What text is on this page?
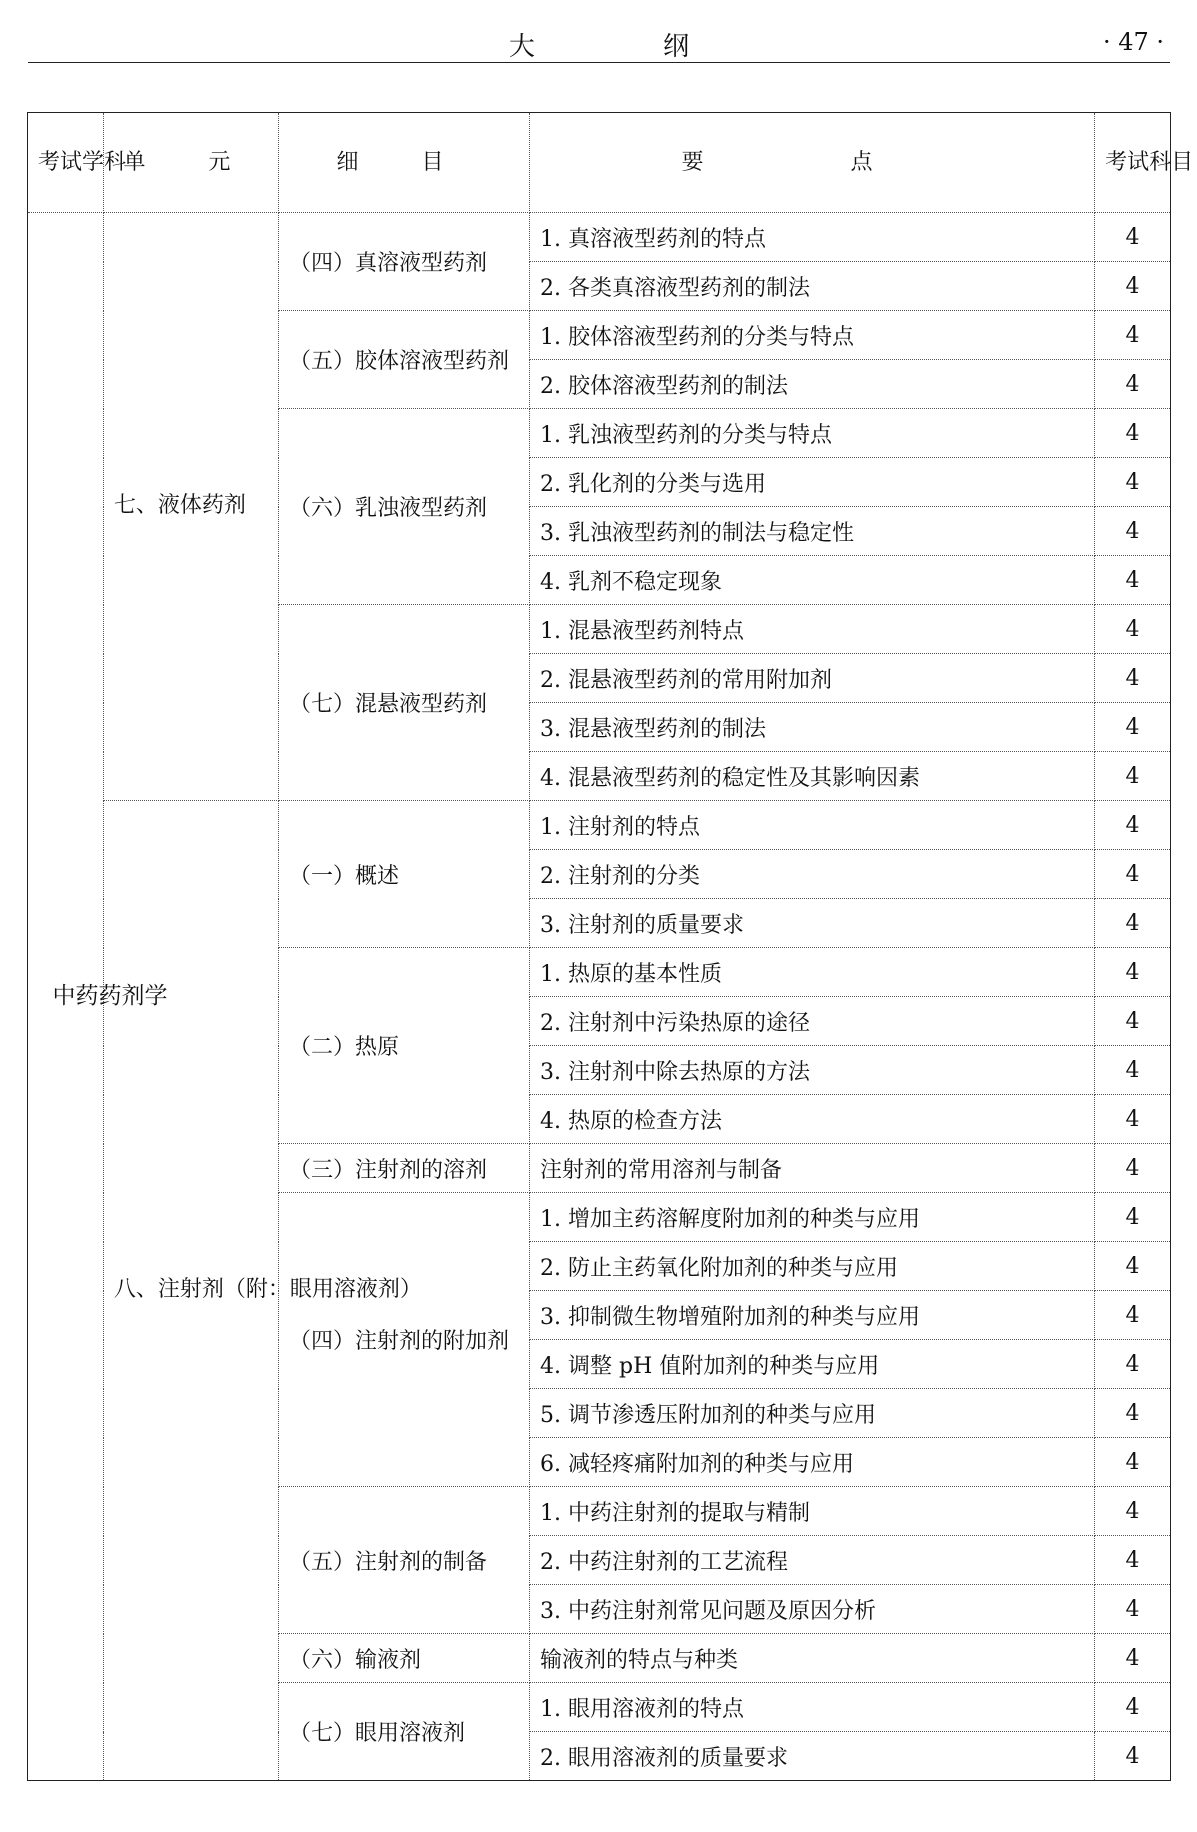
大 纲	· 47 ·
考试学科	单 元	细 目	要 点	考试科目
中药药剂学	七、液体药剂	（四）真溶液型药剂	1. 真溶液型药剂的特点	4
			2. 各类真溶液型药剂的制法	4
		（五）胶体溶液型药剂	1. 胶体溶液型药剂的分类与特点	4
			2. 胶体溶液型药剂的制法	4
		（六）乳浊液型药剂	1. 乳浊液型药剂的分类与特点	4
			2. 乳化剂的分类与选用	4
			3. 乳浊液型药剂的制法与稳定性	4
			4. 乳剂不稳定现象	4
		（七）混悬液型药剂	1. 混悬液型药剂特点	4
			2. 混悬液型药剂的常用附加剂	4
			3. 混悬液型药剂的制法	4
			4. 混悬液型药剂的稳定性及其影响因素	4
	八、注射剂（附：眼用溶液剂）	（一）概述	1. 注射剂的特点	4
			2. 注射剂的分类	4
			3. 注射剂的质量要求	4
		（二）热原	1. 热原的基本性质	4
			2. 注射剂中污染热原的途径	4
			3. 注射剂中除去热原的方法	4
			4. 热原的检查方法	4
		（三）注射剂的溶剂	注射剂的常用溶剂与制备	4
		（四）注射剂的附加剂	1. 增加主药溶解度附加剂的种类与应用	4
			2. 防止主药氧化附加剂的种类与应用	4
			3. 抑制微生物增殖附加剂的种类与应用	4
			4. 调整 pH 值附加剂的种类与应用	4
			5. 调节渗透压附加剂的种类与应用	4
			6. 减轻疼痛附加剂的种类与应用	4
		（五）注射剂的制备	1. 中药注射剂的提取与精制	4
			2. 中药注射剂的工艺流程	4
			3. 中药注射剂常见问题及原因分析	4
		（六）输液剂	输液剂的特点与种类	4
		（七）眼用溶液剂	1. 眼用溶液剂的特点	4
			2. 眼用溶液剂的质量要求	4
